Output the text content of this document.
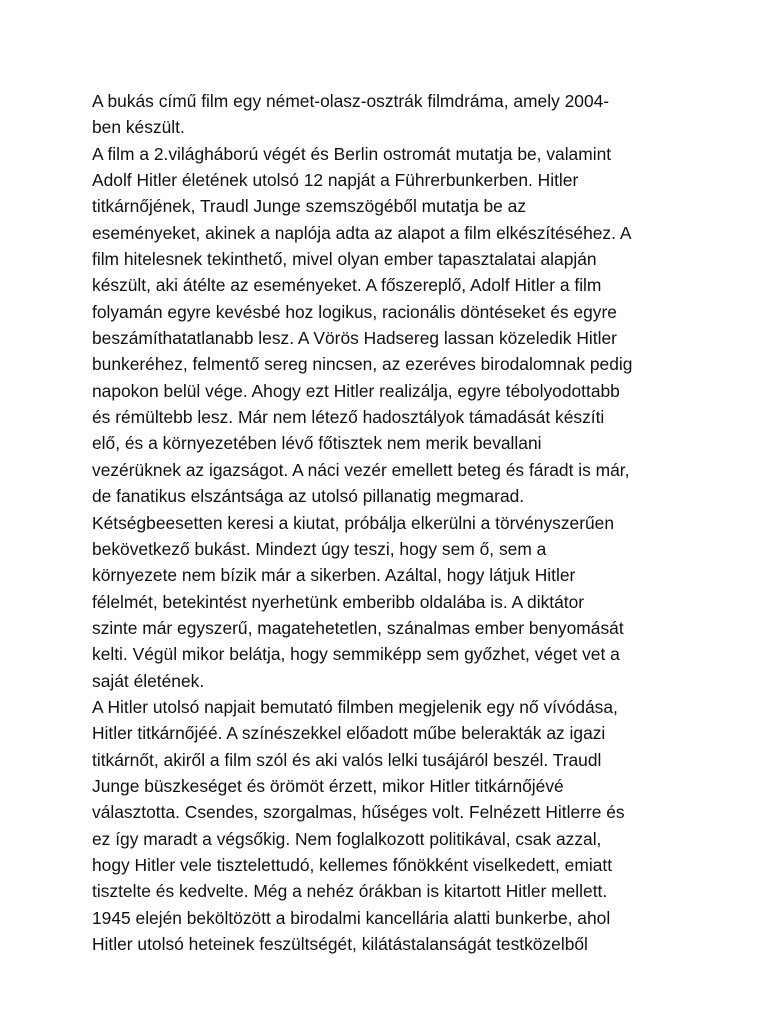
A bukás című film egy német-olasz-osztrák filmdráma, amely 2004-
ben készült.
A film a 2.világháború végét és Berlin ostromát mutatja be, valamint
Adolf Hitler életének utolsó 12 napját a Führerbunkerben. Hitler
titkárnőjének, Traudl Junge szemszögéből mutatja be az
eseményeket, akinek a naplója adta az alapot a film elkészítéséhez. A
film hitelesnek tekinthető, mivel olyan ember tapasztalatai alapján
készült, aki átélte az eseményeket. A főszereplő, Adolf Hitler a film
folyamán egyre kevésbé hoz logikus, racionális döntéseket és egyre
beszámíthatatlanabb lesz. A Vörös Hadsereg lassan közeledik Hitler
bunkeréhez, felmentő sereg nincsen, az ezeréves birodalomnak pedig
napokon belül vége. Ahogy ezt Hitler realizálja, egyre tébolyodottabb
és rémültebb lesz. Már nem létező hadosztályok támadását készíti
elő, és a környezetében lévő főtisztek nem merik bevallani
vezérüknek az igazságot. A náci vezér emellett beteg és fáradt is már,
de fanatikus elszántsága az utolsó pillanatig megmarad.
Kétségbeesetten keresi a kiutat, próbálja elkerülni a törvényszerűen
bekövetkező bukást. Mindezt úgy teszi, hogy sem ő, sem a
környezete nem bízik már a sikerben. Azáltal, hogy látjuk Hitler
félelmét, betekintést nyerhetünk emberibb oldalába is. A diktátor
szinte már egyszerű, magatehetetlen, szánalmas ember benyomását
kelti. Végül mikor belátja, hogy semmiképp sem győzhet, véget vet a
saját életének.
A Hitler utolsó napjait bemutató filmben megjelenik egy nő vívódása,
Hitler titkárnőjéé. A színészekkel előadott műbe belerakták az igazi
titkárnőt, akiről a film szól és aki valós lelki tusájáról beszél. Traudl
Junge büszkeséget és örömöt érzett, mikor Hitler titkárnőjévé
választotta. Csendes, szorgalmas, hűséges volt. Felnézett Hitlerre és
ez így maradt a végsőkig. Nem foglalkozott politikával, csak azzal,
hogy Hitler vele tisztelettudó, kellemes főnökként viselkedett, emiatt
tisztelte és kedvelte. Még a nehéz órákban is kitartott Hitler mellett.
1945 elején beköltözött a birodalmi kancellária alatti bunkerbe, ahol
Hitler utolsó heteinek feszültségét, kilátástalanságát testközelből
